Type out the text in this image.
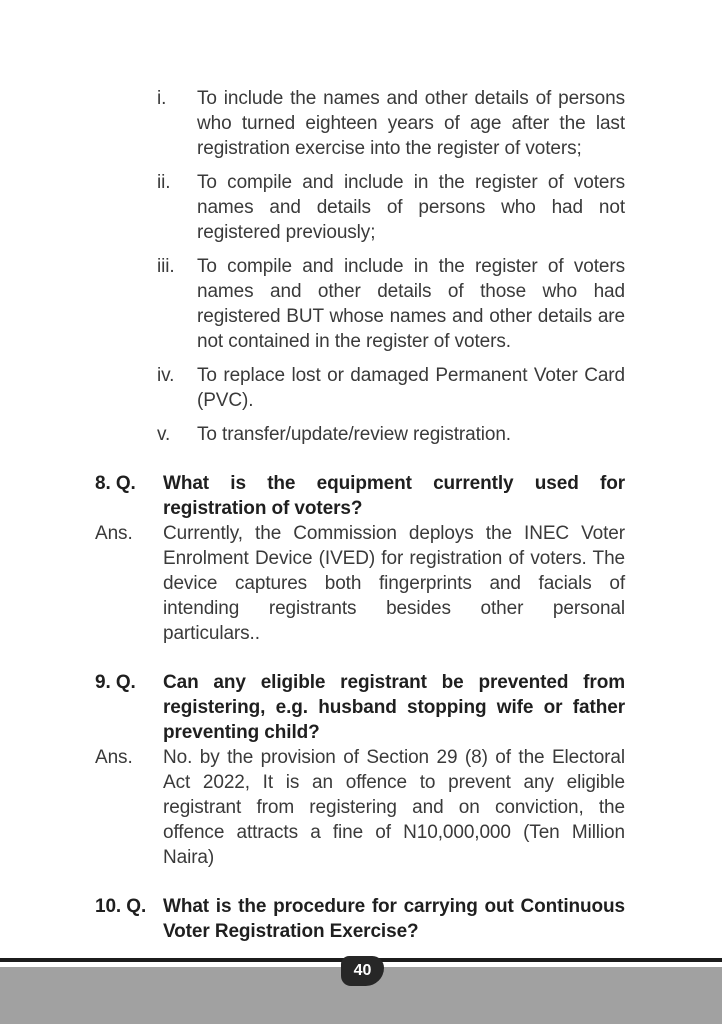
i.	To include the names and other details of persons who turned eighteen years of age after the last registration exercise into the register of voters;
ii.	To compile and include in the register of voters names and details of persons who had not registered previously;
iii.	To compile and include in the register of voters names and other details of those who had registered BUT whose names and other details are not contained in the register of voters.
iv.	To replace lost or damaged Permanent Voter Card (PVC).
v.	To transfer/update/review registration.
8. Q.	What is the equipment currently used for registration of voters?
Ans.	Currently, the Commission deploys the INEC Voter Enrolment Device (IVED) for registration of voters. The device captures both fingerprints and facials of intending registrants besides other personal particulars..
9. Q.	Can any eligible registrant be prevented from registering, e.g. husband stopping wife or father preventing child?
Ans.	No. by the provision of Section 29 (8) of the Electoral Act 2022, It is an offence to prevent any eligible registrant from registering and on conviction, the offence attracts a fine of N10,000,000 (Ten Million Naira)
10. Q. What is the procedure for carrying out Continuous Voter Registration Exercise?
40
